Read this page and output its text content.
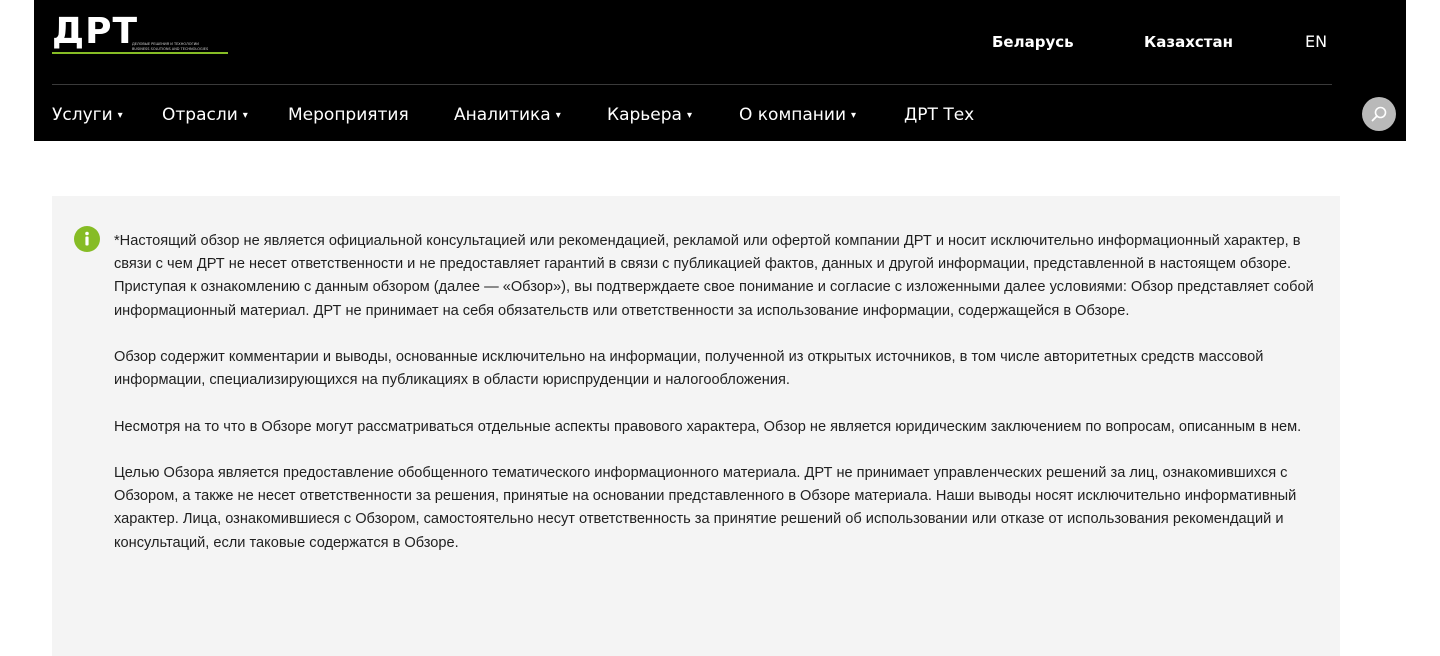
ДРТ
ДЕЛОВЫЕ РЕШЕНИЯ И ТЕХНОЛОГИИ
BUSINESS SOLUTIONS AND TECHNOLOGIES	Беларусь	Казахстан	EN
Услуги ▾ Отрасли ▾ Мероприятия	Аналитика ▾	Карьера ▾	О компании ▾	ДРТ Тех

*Настоящий обзор не является официальной консультацией или рекомендацией, рекламой или офертой компании ДРТ и носит исключительно информационный характер, в связи с чем ДРТ не несет ответственности и не предоставляет гарантий в связи с публикацией фактов, данных и другой информации, представленной в настоящем обзоре.

Приступая к ознакомлению с данным обзором (далее — «Обзор»), вы подтверждаете свое понимание и согласие с изложенными далее условиями: Обзор представляет собой информационный материал. ДРТ не принимает на себя обязательств или ответственности за использование информации, содержащейся в Обзоре.

Обзор содержит комментарии и выводы, основанные исключительно на информации, полученной из открытых источников, в том числе авторитетных средств массовой информации, специализирующихся на публикациях в области юриспруденции и налогообложения.

Несмотря на то что в Обзоре могут рассматриваться отдельные аспекты правового характера, Обзор не является юридическим заключением по вопросам, описанным в нем.

Целью Обзора является предоставление обобщенного тематического информационного материала. ДРТ не принимает управленческих решений за лиц, ознакомившихся с Обзором, а также не несет ответственности за решения, принятые на основании представленного в Обзоре материала. Наши выводы носят исключительно информативный характер. Лица, ознакомившиеся с Обзором, самостоятельно несут ответственность за принятие решений об использовании или отказе от использования рекомендаций и консультаций, если таковые содержатся в Обзоре.
